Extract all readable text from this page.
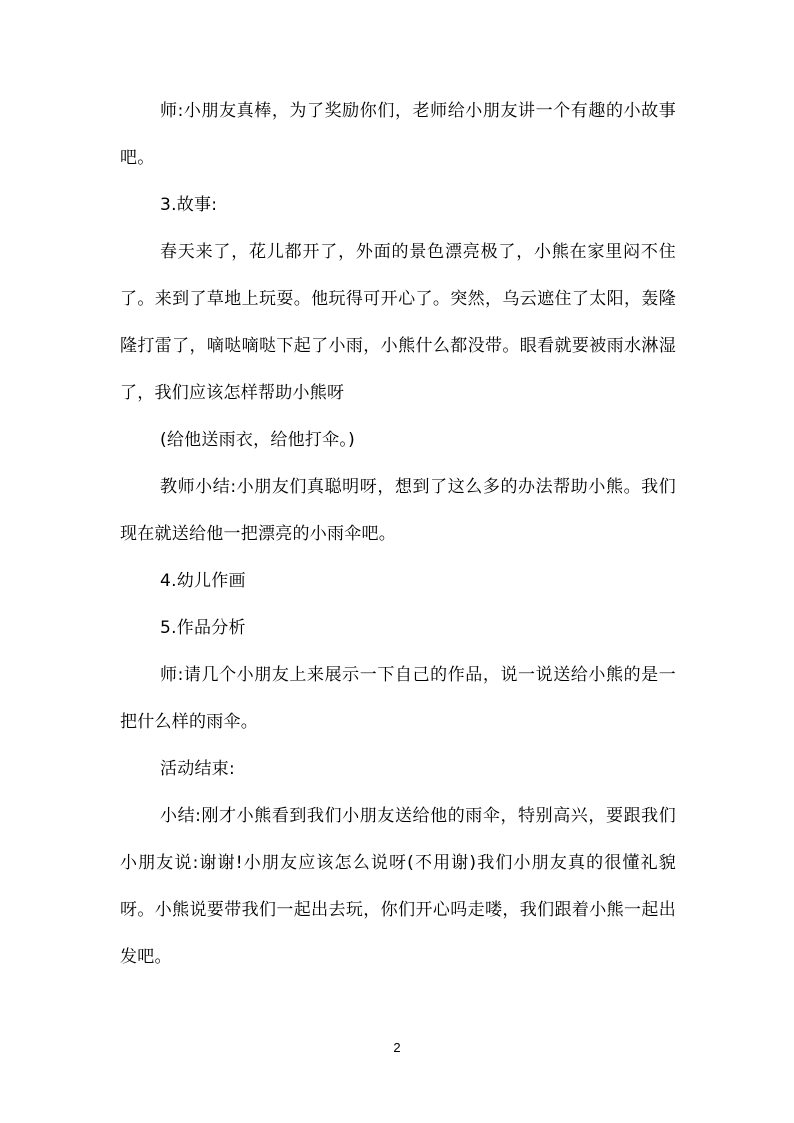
师:小朋友真棒，为了奖励你们，老师给小朋友讲一个有趣的小故事吧。

3.故事:

春天来了，花儿都开了，外面的景色漂亮极了，小熊在家里闷不住了。来到了草地上玩耍。他玩得可开心了。突然，乌云遮住了太阳，轰隆隆打雷了，嘀哒嘀哒下起了小雨，小熊什么都没带。眼看就要被雨水淋湿了，我们应该怎样帮助小熊呀

(给他送雨衣，给他打伞。)

教师小结:小朋友们真聪明呀，想到了这么多的办法帮助小熊。我们现在就送给他一把漂亮的小雨伞吧。

4.幼儿作画

5.作品分析

师:请几个小朋友上来展示一下自己的作品，说一说送给小熊的是一把什么样的雨伞。

活动结束:

小结:刚才小熊看到我们小朋友送给他的雨伞，特别高兴，要跟我们小朋友说:谢谢!小朋友应该怎么说呀(不用谢)我们小朋友真的很懂礼貌呀。小熊说要带我们一起出去玩，你们开心吗走喽，我们跟着小熊一起出发吧。

2
